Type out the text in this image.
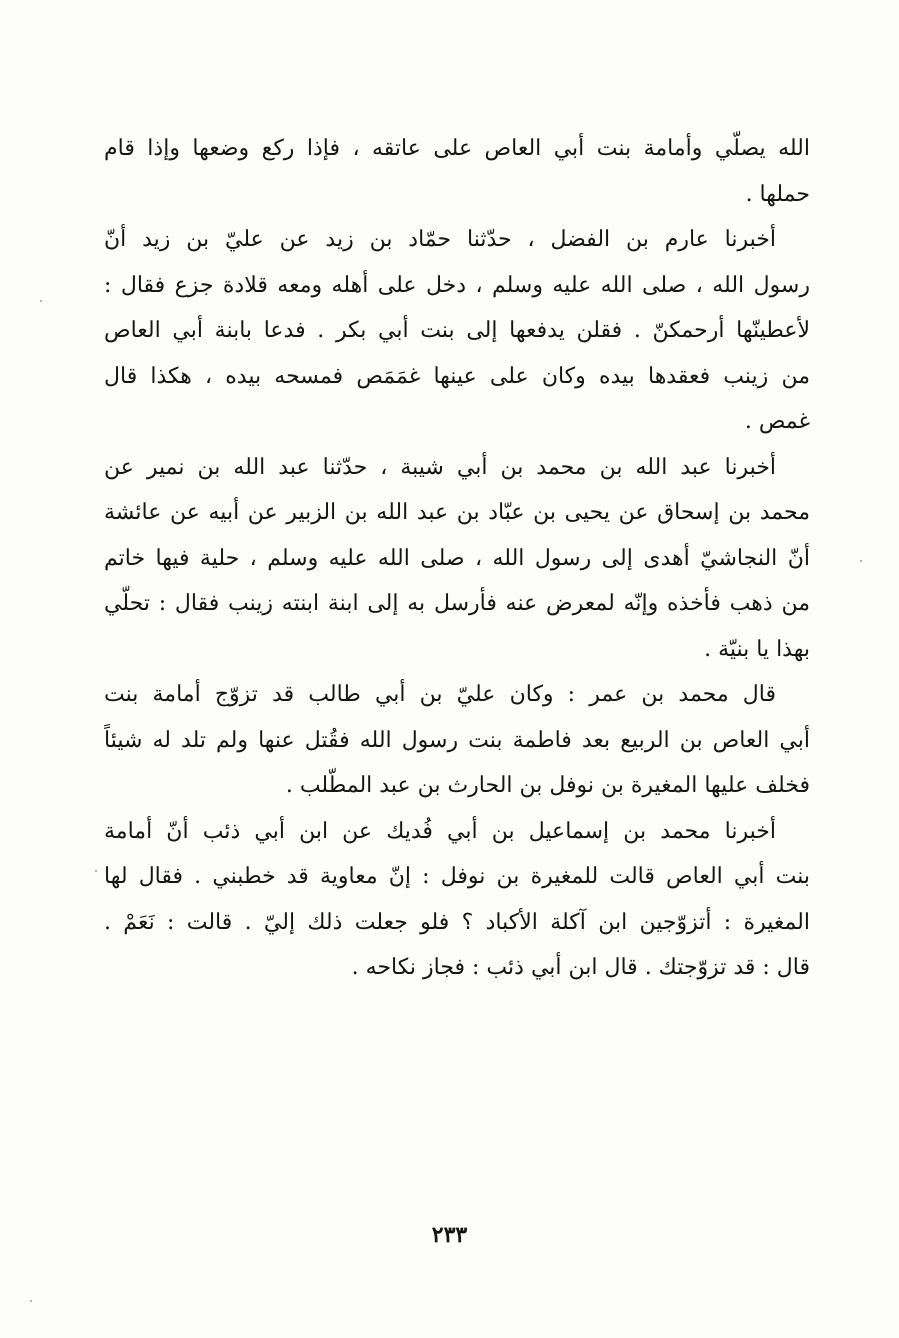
الله يصلّي وأمامة بنت أبي العاص على عاتقه ، فإذا ركع وضعها وإذا قام
حملها .

أخبرنا عارم بن الفضل ، حدّثنا حمّاد بن زيد عن عليّ بن زيد أنّ
رسول الله ، صلى الله عليه وسلم ، دخل على أهله ومعه قلادة جزع فقال :
لأعطينّها أرحمكنّ . فقلن يدفعها إلى بنت أبي بكر . فدعا بابنة أبي العاص
من زينب فعقدها بيده وكان على عينها غمَمَص فمسحه بيده ، هكذا قال
غمص .

أخبرنا عبد الله بن محمد بن أبي شيبة ، حدّثنا عبد الله بن نمير عن
محمد بن إسحاق عن يحيى بن عبّاد بن عبد الله بن الزبير عن أبيه عن عائشة
أنّ النجاشيّ أهدى إلى رسول الله ، صلى الله عليه وسلم ، حلية فيها خاتم
من ذهب فأخذه وإنّه لمعرض عنه فأرسل به إلى ابنة ابنته زينب فقال : تحلّي
بهذا يا بنيّة .

قال محمد بن عمر : وكان عليّ بن أبي طالب قد تزوّج أمامة بنت
أبي العاص بن الربيع بعد فاطمة بنت رسول الله فقُتل عنها ولم تلد له شيئاً
فخلف عليها المغيرة بن نوفل بن الحارث بن عبد المطّلب .

أخبرنا محمد بن إسماعيل بن أبي فُديك عن ابن أبي ذئب أنّ أمامة
بنت أبي العاص قالت للمغيرة بن نوفل : إنّ معاوية قد خطبني . فقال لها
المغيرة : أتزوّجين ابن آكلة الأكباد ؟ فلو جعلت ذلك إليّ . قالت : نَعَمْ .
قال : قد تزوّجتك . قال ابن أبي ذئب : فجاز نكاحه .

٢٣٣
